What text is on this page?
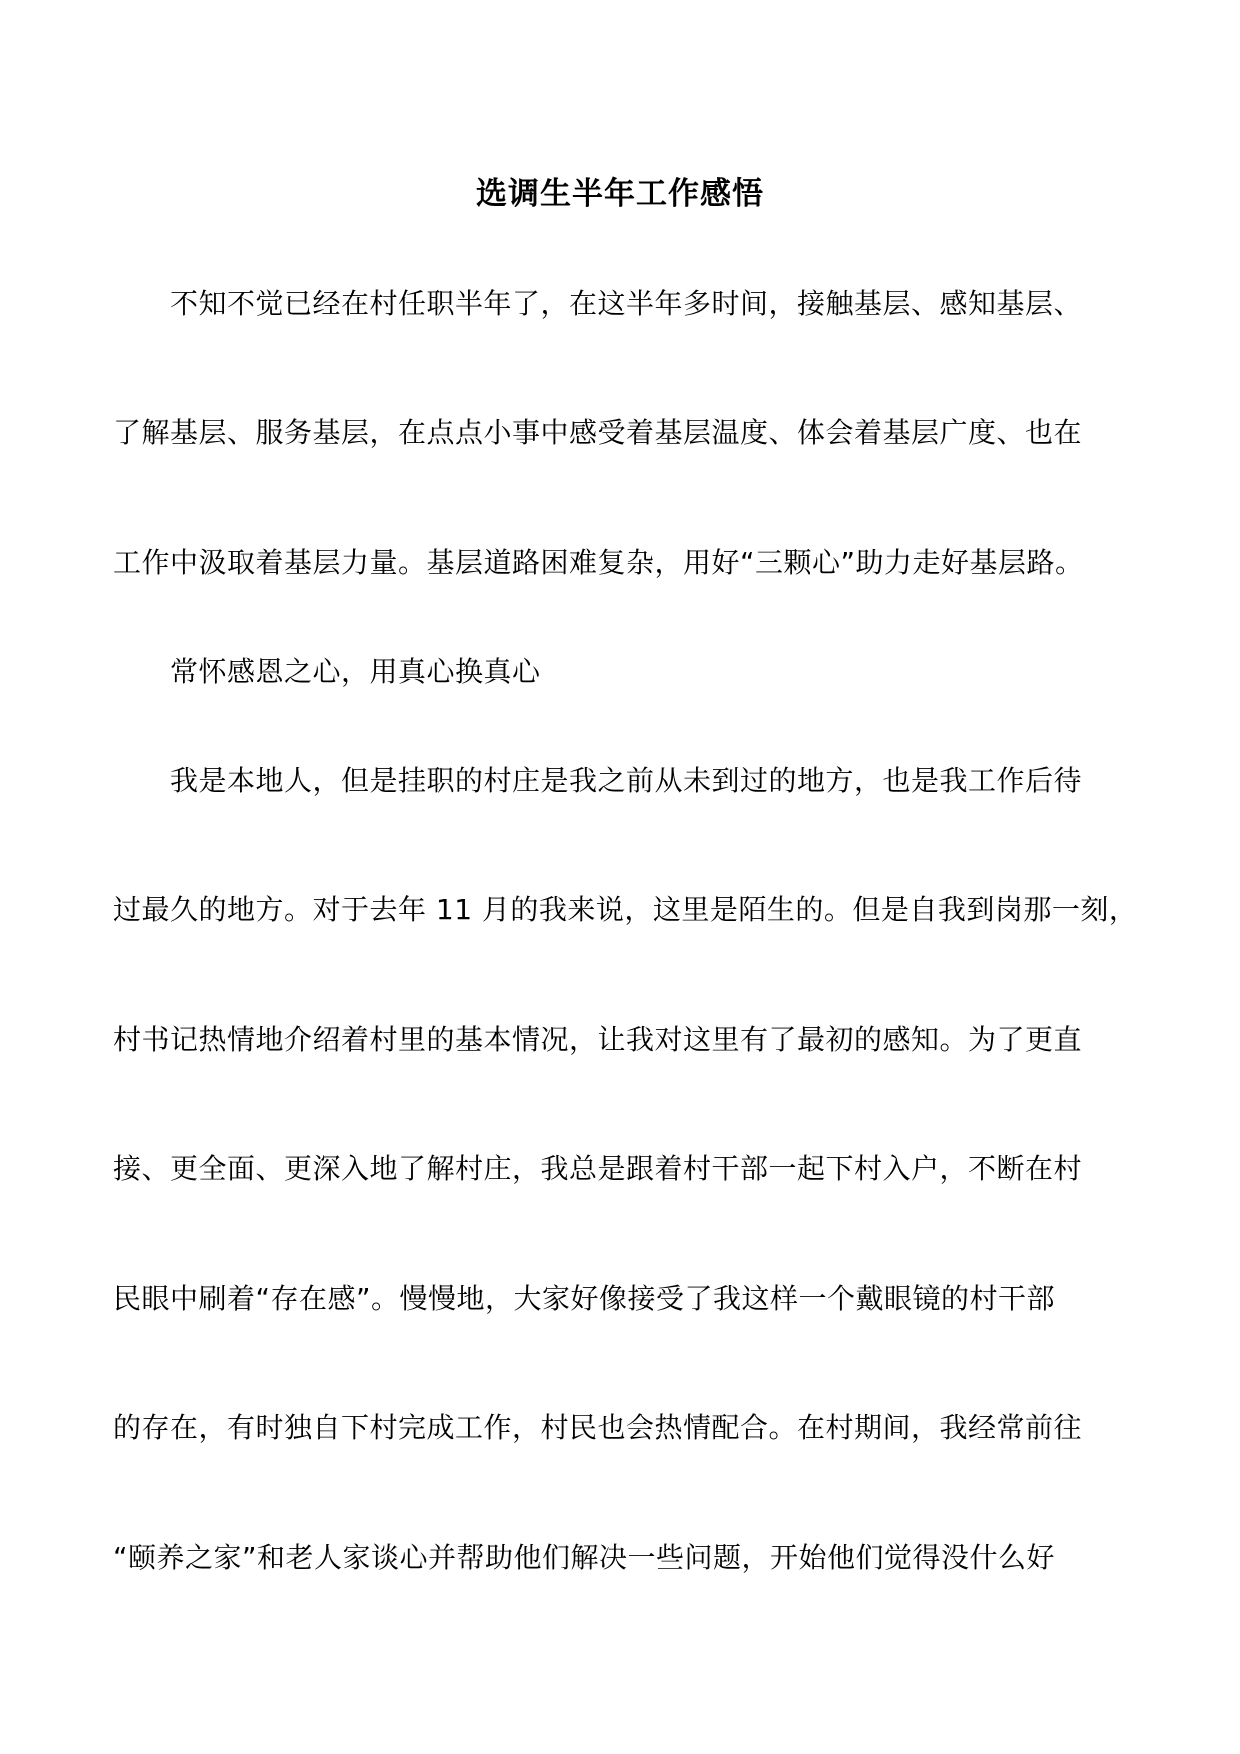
选调生半年工作感悟
不知不觉已经在村任职半年了，在这半年多时间，接触基层、感知基层、
了解基层、服务基层，在点点小事中感受着基层温度、体会着基层广度、也在
工作中汲取着基层力量。基层道路困难复杂，用好“三颗心”助力走好基层路。
常怀感恩之心，用真心换真心
我是本地人，但是挂职的村庄是我之前从未到过的地方，也是我工作后待
过最久的地方。对于去年 11 月的我来说，这里是陌生的。但是自我到岗那一刻，
村书记热情地介绍着村里的基本情况，让我对这里有了最初的感知。为了更直
接、更全面、更深入地了解村庄，我总是跟着村干部一起下村入户，不断在村
民眼中刷着“存在感”。慢慢地，大家好像接受了我这样一个戴眼镜的村干部
的存在，有时独自下村完成工作，村民也会热情配合。在村期间，我经常前往
“颐养之家”和老人家谈心并帮助他们解决一些问题，开始他们觉得没什么好
